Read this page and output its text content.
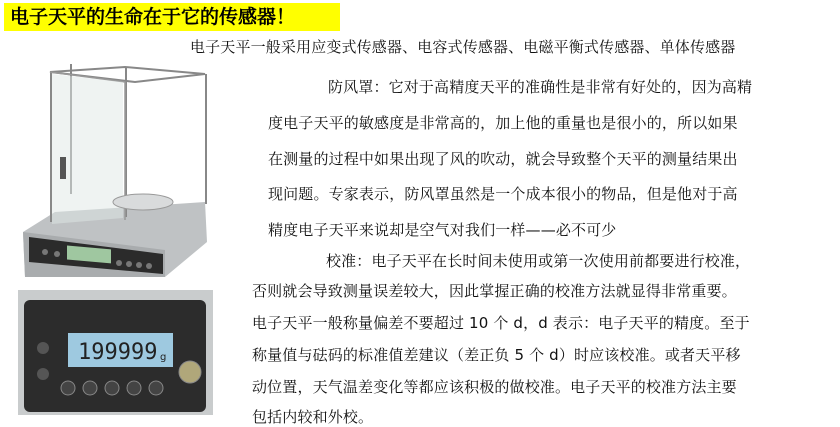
电子天平的生命在于它的传感器！
电子天平一般采用应变式传感器、电容式传感器、电磁平衡式传感器、单体传感器
防风罩：它对于高精度天平的准确性是非常有好处的，因为高精
度电子天平的敏感度是非常高的，加上他的重量也是很小的，所以如果
在测量的过程中如果出现了风的吹动，就会导致整个天平的测量结果出
现问题。专家表示，防风罩虽然是一个成本很小的物品，但是他对于高
精度电子天平来说却是空气对我们一样——必不可少
校准：电子天平在长时间未使用或第一次使用前都要进行校准，
否则就会导致测量误差较大，因此掌握正确的校准方法就显得非常重要。
电子天平一般称量偏差不要超过 10 个 d，d 表示：电子天平的精度。至于
称量值与砝码的标准值差建议（差正负 5 个 d）时应该校准。或者天平移
动位置，天气温差变化等都应该积极的做校准。电子天平的校准方法主要
包括内较和外校。
199999 g
